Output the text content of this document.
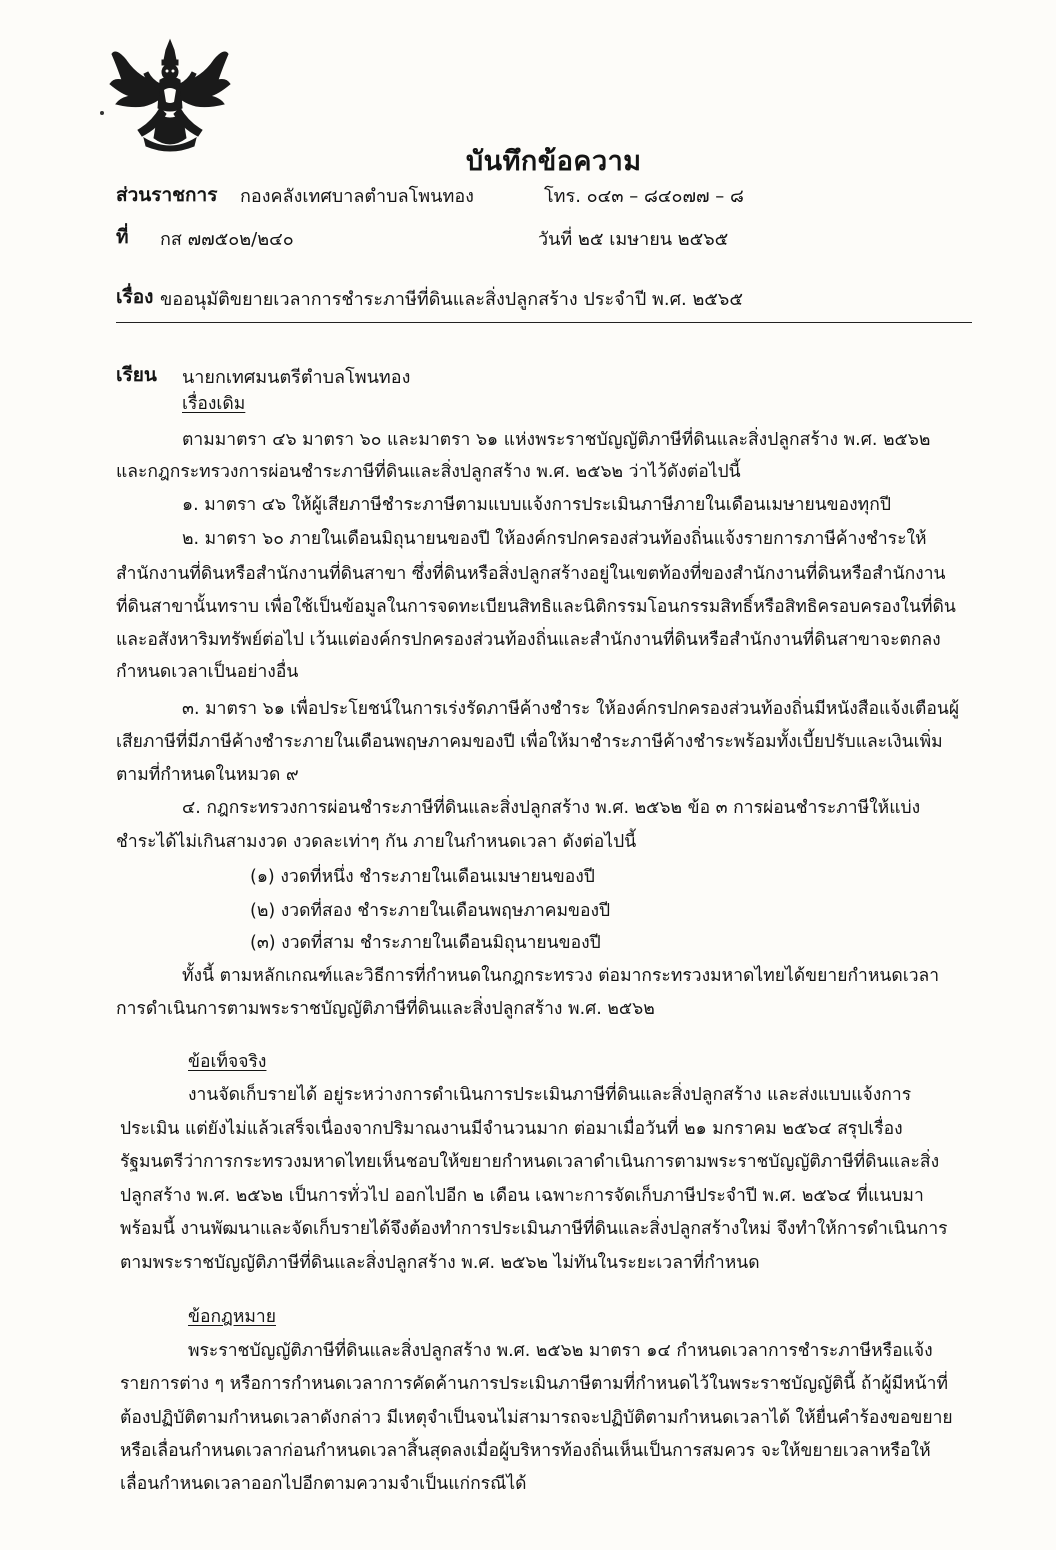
บันทึกข้อความ
ส่วนราชการ กองคลังเทศบาลตำบลโพนทอง	โทร. ๐๔๓ – ๘๔๐๗๗ – ๘
ที่ กส ๗๗๕๐๒/๒๔๐	วันที่ ๒๕ เมษายน ๒๕๖๕
เรื่อง ขออนุมัติขยายเวลาการชำระภาษีที่ดินและสิ่งปลูกสร้าง ประจำปี พ.ศ. ๒๕๖๕
เรียน นายกเทศมนตรีตำบลโพนทอง
เรื่องเดิม
ตามมาตรา ๔๖ มาตรา ๖๐ และมาตรา ๖๑ แห่งพระราชบัญญัติภาษีที่ดินและสิ่งปลูกสร้าง พ.ศ. ๒๕๖๒
และกฎกระทรวงการผ่อนชำระภาษีที่ดินและสิ่งปลูกสร้าง พ.ศ. ๒๕๖๒ ว่าไว้ดังต่อไปนี้
๑. มาตรา ๔๖ ให้ผู้เสียภาษีชำระภาษีตามแบบแจ้งการประเมินภาษีภายในเดือนเมษายนของทุกปี
๒. มาตรา ๖๐ ภายในเดือนมิถุนายนของปี ให้องค์กรปกครองส่วนท้องถิ่นแจ้งรายการภาษีค้างชำระให้
สำนักงานที่ดินหรือสำนักงานที่ดินสาขา ซึ่งที่ดินหรือสิ่งปลูกสร้างอยู่ในเขตท้องที่ของสำนักงานที่ดินหรือสำนักงาน
ที่ดินสาขานั้นทราบ เพื่อใช้เป็นข้อมูลในการจดทะเบียนสิทธิและนิติกรรมโอนกรรมสิทธิ์หรือสิทธิครอบครองในที่ดิน
และอสังหาริมทรัพย์ต่อไป เว้นแต่องค์กรปกครองส่วนท้องถิ่นและสำนักงานที่ดินหรือสำนักงานที่ดินสาขาจะตกลง
กำหนดเวลาเป็นอย่างอื่น
๓. มาตรา ๖๑ เพื่อประโยชน์ในการเร่งรัดภาษีค้างชำระ ให้องค์กรปกครองส่วนท้องถิ่นมีหนังสือแจ้งเตือนผู้
เสียภาษีที่มีภาษีค้างชำระภายในเดือนพฤษภาคมของปี เพื่อให้มาชำระภาษีค้างชำระพร้อมทั้งเบี้ยปรับและเงินเพิ่ม
ตามที่กำหนดในหมวด ๙
๔. กฎกระทรวงการผ่อนชำระภาษีที่ดินและสิ่งปลูกสร้าง พ.ศ. ๒๕๖๒ ข้อ ๓ การผ่อนชำระภาษีให้แบ่ง
ชำระได้ไม่เกินสามงวด งวดละเท่าๆ กัน ภายในกำหนดเวลา ดังต่อไปนี้
(๑) งวดที่หนึ่ง ชำระภายในเดือนเมษายนของปี
(๒) งวดที่สอง ชำระภายในเดือนพฤษภาคมของปี
(๓) งวดที่สาม ชำระภายในเดือนมิถุนายนของปี
ทั้งนี้ ตามหลักเกณฑ์และวิธีการที่กำหนดในกฎกระทรวง ต่อมากระทรวงมหาดไทยได้ขยายกำหนดเวลา
การดำเนินการตามพระราชบัญญัติภาษีที่ดินและสิ่งปลูกสร้าง พ.ศ. ๒๕๖๒
ข้อเท็จจริง
งานจัดเก็บรายได้ อยู่ระหว่างการดำเนินการประเมินภาษีที่ดินและสิ่งปลูกสร้าง และส่งแบบแจ้งการ
ประเมิน แต่ยังไม่แล้วเสร็จเนื่องจากปริมาณงานมีจำนวนมาก ต่อมาเมื่อวันที่ ๒๑ มกราคม ๒๕๖๔ สรุปเรื่อง
รัฐมนตรีว่าการกระทรวงมหาดไทยเห็นชอบให้ขยายกำหนดเวลาดำเนินการตามพระราชบัญญัติภาษีที่ดินและสิ่ง
ปลูกสร้าง พ.ศ. ๒๕๖๒ เป็นการทั่วไป ออกไปอีก ๒ เดือน เฉพาะการจัดเก็บภาษีประจำปี พ.ศ. ๒๕๖๔ ที่แนบมา
พร้อมนี้ งานพัฒนาและจัดเก็บรายได้จึงต้องทำการประเมินภาษีที่ดินและสิ่งปลูกสร้างใหม่ จึงทำให้การดำเนินการ
ตามพระราชบัญญัติภาษีที่ดินและสิ่งปลูกสร้าง พ.ศ. ๒๕๖๒ ไม่ทันในระยะเวลาที่กำหนด
ข้อกฎหมาย
พระราชบัญญัติภาษีที่ดินและสิ่งปลูกสร้าง พ.ศ. ๒๕๖๒ มาตรา ๑๔ กำหนดเวลาการชำระภาษีหรือแจ้ง
รายการต่าง ๆ หรือการกำหนดเวลาการคัดค้านการประเมินภาษีตามที่กำหนดไว้ในพระราชบัญญัตินี้ ถ้าผู้มีหน้าที่
ต้องปฏิบัติตามกำหนดเวลาดังกล่าว มีเหตุจำเป็นจนไม่สามารถจะปฏิบัติตามกำหนดเวลาได้ ให้ยื่นคำร้องขอขยาย
หรือเลื่อนกำหนดเวลาก่อนกำหนดเวลาสิ้นสุดลงเมื่อผู้บริหารท้องถิ่นเห็นเป็นการสมควร จะให้ขยายเวลาหรือให้
เลื่อนกำหนดเวลาออกไปอีกตามความจำเป็นแก่กรณีได้
